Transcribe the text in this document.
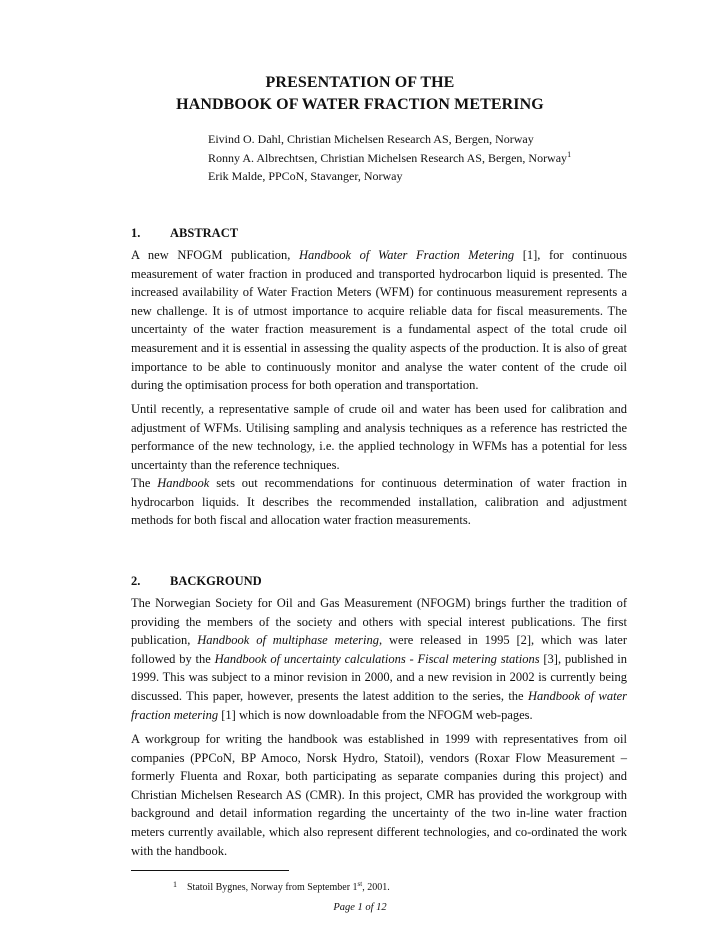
PRESENTATION OF THE
HANDBOOK OF WATER FRACTION METERING
Eivind O. Dahl, Christian Michelsen Research AS, Bergen, Norway
Ronny A. Albrechtsen, Christian Michelsen Research AS, Bergen, Norway$^1$
Erik Malde, PPCoN, Stavanger, Norway
1. ABSTRACT

A new NFOGM publication, Handbook of Water Fraction Metering [1], for continuous measurement of water fraction in produced and transported hydrocarbon liquid is presented. The increased availability of Water Fraction Meters (WFM) for continuous measurement represents a new challenge. It is of utmost importance to acquire reliable data for fiscal measurements. The uncertainty of the water fraction measurement is a fundamental aspect of the total crude oil measurement and it is essential in assessing the quality aspects of the production. It is also of great importance to be able to continuously monitor and analyse the water content of the crude oil during the optimisation process for both operation and transportation.

Until recently, a representative sample of crude oil and water has been used for calibration and adjustment of WFMs. Utilising sampling and analysis techniques as a reference has restricted the performance of the new technology, i.e. the applied technology in WFMs has a potential for less uncertainty than the reference techniques.

The Handbook sets out recommendations for continuous determination of water fraction in hydrocarbon liquids. It describes the recommended installation, calibration and adjustment methods for both fiscal and allocation water fraction measurements.

2. BACKGROUND

The Norwegian Society for Oil and Gas Measurement (NFOGM) brings further the tradition of providing the members of the society and others with special interest publications. The first publication, Handbook of multiphase metering, were released in 1995 [2], which was later followed by the Handbook of uncertainty calculations - Fiscal metering stations [3], published in 1999. This was subject to a minor revision in 2000, and a new revision in 2002 is currently being discussed. This paper, however, presents the latest addition to the series, the Handbook of water fraction metering [1] which is now downloadable from the NFOGM web-pages.

A workgroup for writing the handbook was established in 1999 with representatives from oil companies (PPCoN, BP Amoco, Norsk Hydro, Statoil), vendors (Roxar Flow Measurement – formerly Fluenta and Roxar, both participating as separate companies during this project) and Christian Michelsen Research AS (CMR). In this project, CMR has provided the workgroup with background and detail information regarding the uncertainty of the two in-line water fraction meters currently available, which also represent different technologies, and co-ordinated the work with the handbook.

$^1$ Statoil Bygnes, Norway from September 1st, 2001.
Page 1 of 12
